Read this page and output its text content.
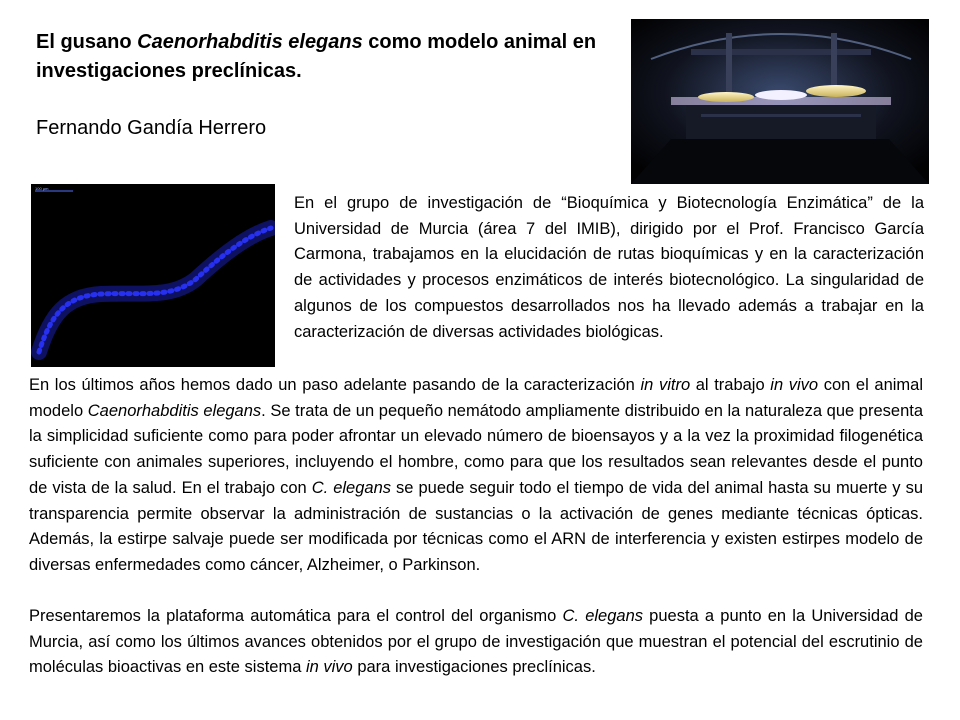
El gusano Caenorhabditis elegans como modelo animal en investigaciones preclínicas.

Fernando Gandía Herrero

100 µm

En el grupo de investigación de “Bioquímica y Biotecnología Enzimática” de la Universidad de Murcia (área 7 del IMIB), dirigido por el Prof. Francisco García Carmona, trabajamos en la elucidación de rutas bioquímicas y en la caracterización de actividades y procesos enzimáticos de interés biotecnológico. La singularidad de algunos de los compuestos desarrollados nos ha llevado además a trabajar en la caracterización de diversas actividades biológicas.

En los últimos años hemos dado un paso adelante pasando de la caracterización in vitro al trabajo in vivo con el animal modelo Caenorhabditis elegans. Se trata de un pequeño nemátodo ampliamente distribuido en la naturaleza que presenta la simplicidad suficiente como para poder afrontar un elevado número de bioensayos y a la vez la proximidad filogenética suficiente con animales superiores, incluyendo el hombre, como para que los resultados sean relevantes desde el punto de vista de la salud. En el trabajo con C. elegans se puede seguir todo el tiempo de vida del animal hasta su muerte y su transparencia permite observar la administración de sustancias o la activación de genes mediante técnicas ópticas. Además, la estirpe salvaje puede ser modificada por técnicas como el ARN de interferencia y existen estirpes modelo de diversas enfermedades como cáncer, Alzheimer, o Parkinson.

Presentaremos la plataforma automática para el control del organismo C. elegans puesta a punto en la Universidad de Murcia, así como los últimos avances obtenidos por el grupo de investigación que muestran el potencial del escrutinio de moléculas bioactivas en este sistema in vivo para investigaciones preclínicas.
